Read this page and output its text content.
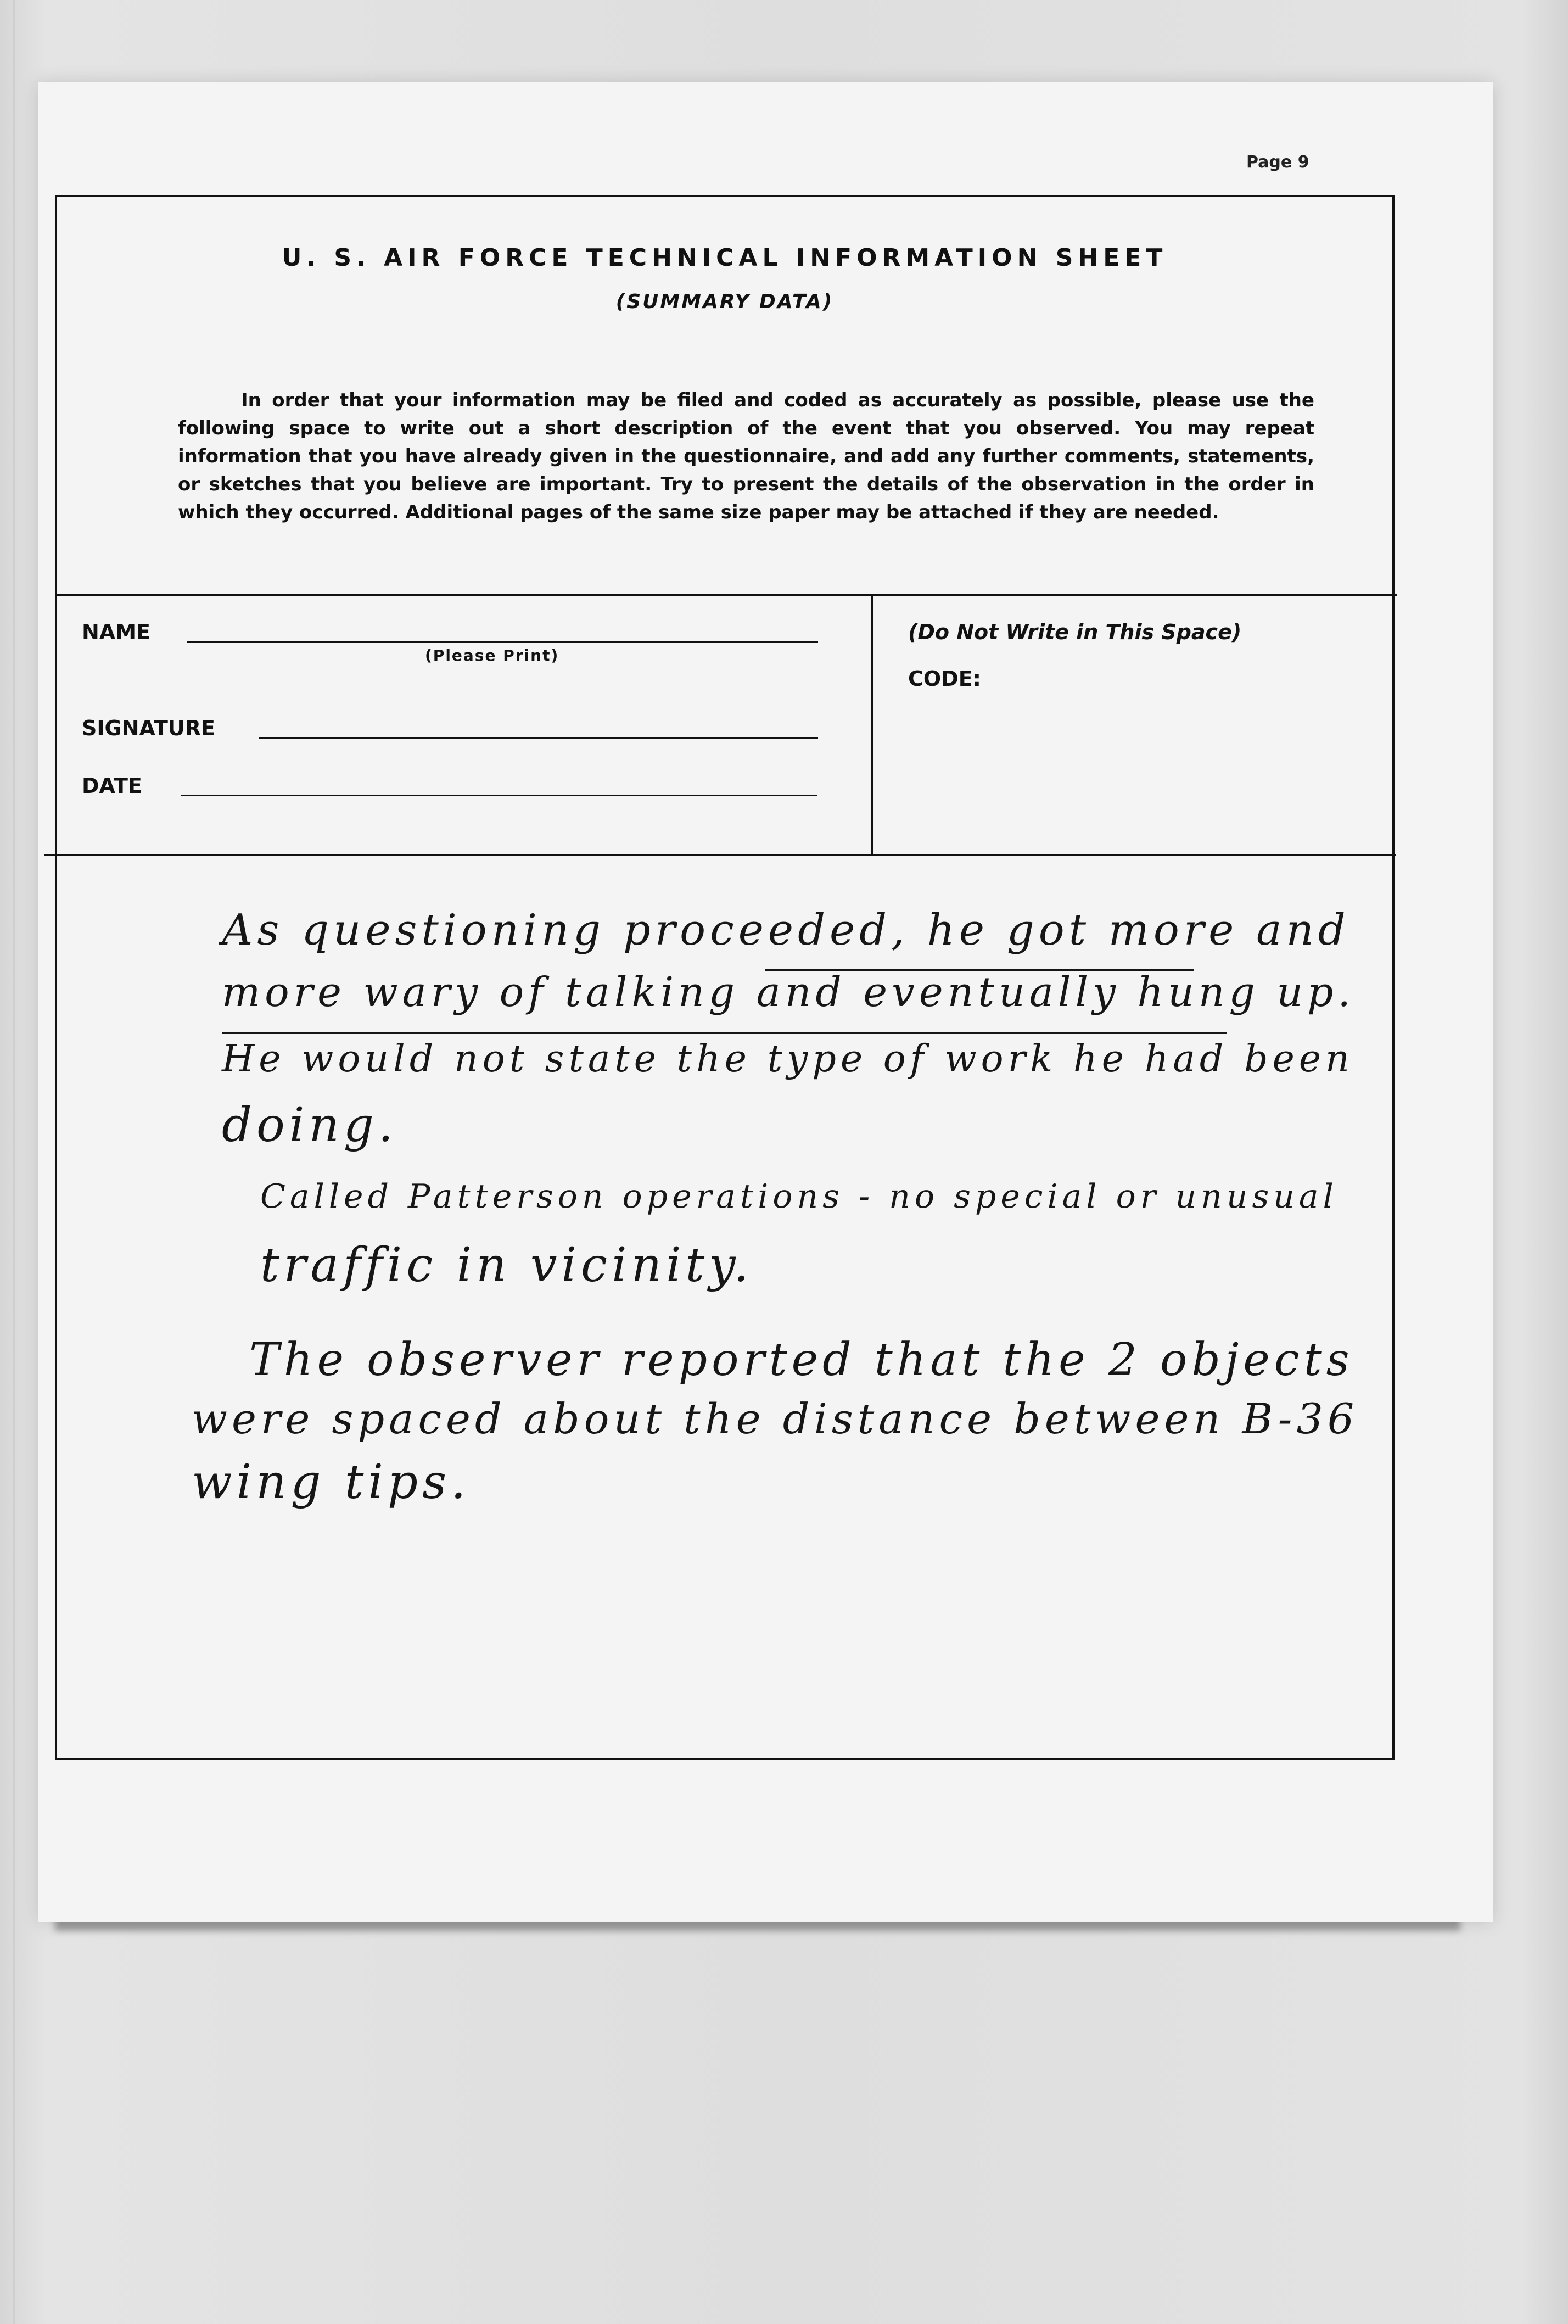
Page 9
U. S. AIR FORCE TECHNICAL INFORMATION SHEET
(SUMMARY DATA)
In order that your information may be filed and coded as accurately as possible, please use the following space to write out a short description of the event that you observed. You may repeat information that you have already given in the questionnaire, and add any further comments, statements, or sketches that you believe are important. Try to present the details of the observation in the order in which they occurred. Additional pages of the same size paper may be attached if they are needed.
NAME
(Please Print)
SIGNATURE
DATE
(Do Not Write in This Space)
CODE:
As questioning proceeded, he got more and
more wary of talking and eventually hung up.
He would not state the type of work he had been
doing.
Called Patterson operations - no special or unusual
traffic in vicinity.
The observer reported that the 2 objects
were spaced about the distance between B-36
wing tips.
